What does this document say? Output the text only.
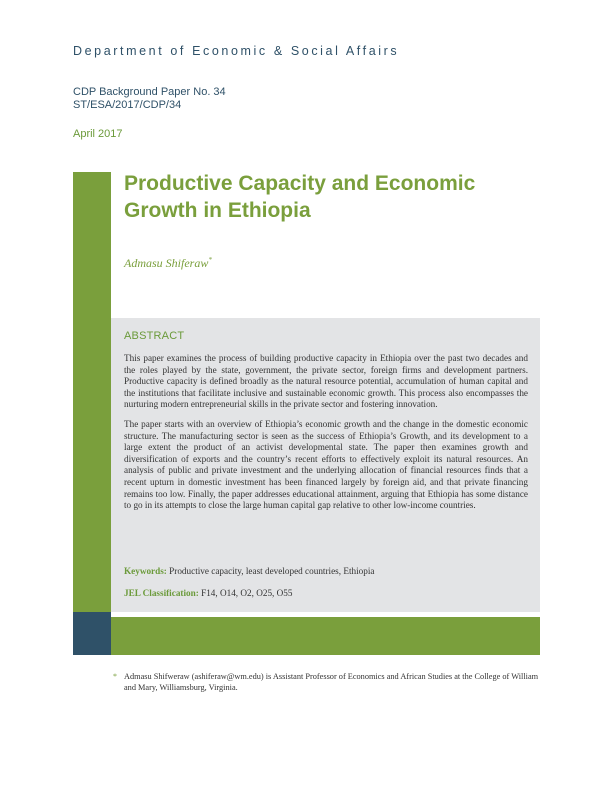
Department of Economic & Social Affairs
CDP Background Paper No. 34
ST/ESA/2017/CDP/34
April 2017
Productive Capacity and Economic
Growth in Ethiopia
Admasu Shiferaw*
ABSTRACT

This paper examines the process of building productive capacity in Ethiopia over the past two decades and the roles played by the state, government, the private sector, foreign firms and development partners. Productive capacity is defined broadly as the natural resource potential, accumulation of human capital and the institutions that facilitate inclusive and sustainable economic growth. This process also encompasses the nurturing modern entrepreneurial skills in the private sector and fostering innovation.

The paper starts with an overview of Ethiopia’s economic growth and the change in the domestic economic structure. The manufacturing sector is seen as the success of Ethiopia’s Growth, and its development to a large extent the product of an activist developmental state. The paper then examines growth and diversification of exports and the country’s recent efforts to effectively exploit its natural resources. An analysis of public and private investment and the underlying allocation of financial resources finds that a recent upturn in domestic investment has been financed largely by foreign aid, and that private financing remains too low. Finally, the paper addresses educational attainment, arguing that Ethiopia has some distance to go in its attempts to close the large human capital gap relative to other low-income countries.

Keywords: Productive capacity, least developed countries, Ethiopia
JEL Classification: F14, O14, O2, O25, O55
* Admasu Shifweraw (ashiferaw@wm.edu) is Assistant Professor of Economics and African Studies at the College of William and Mary, Williamsburg, Virginia.
